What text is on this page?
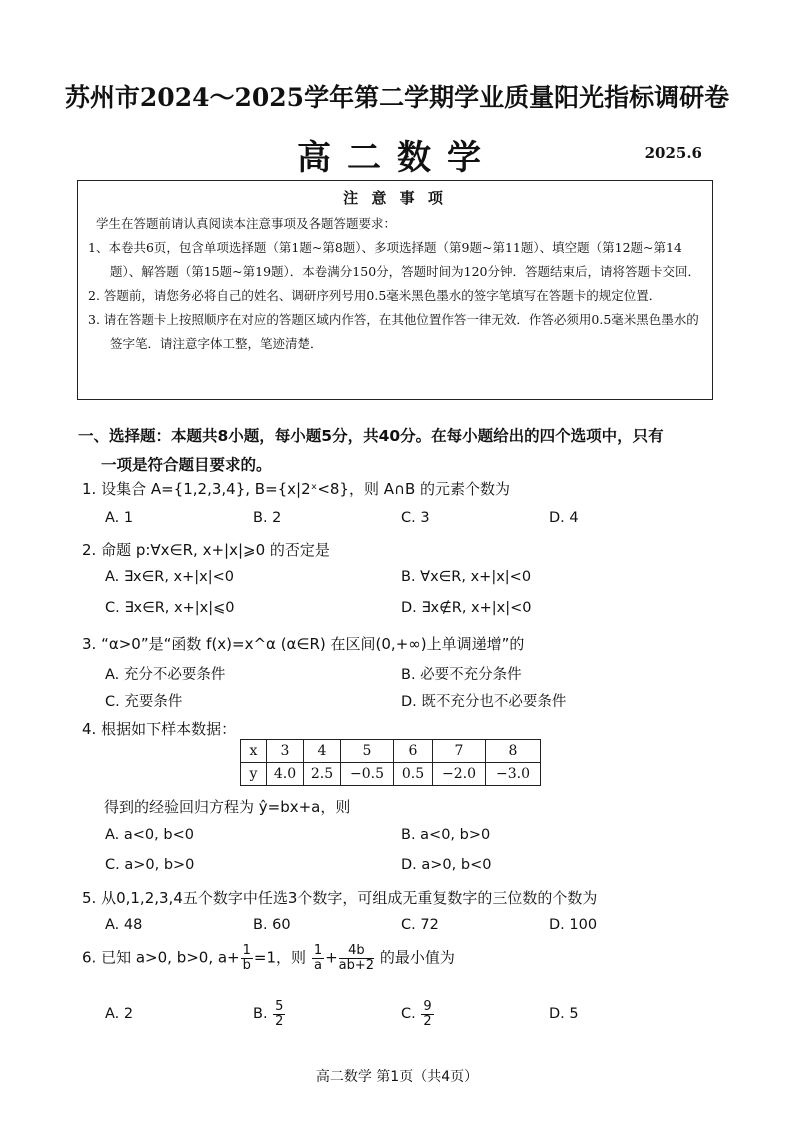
苏州市2024～2025学年第二学期学业质量阳光指标调研卷
高二数学	2025.6
注 意 事 项

学生在答题前请认真阅读本注意事项及各题答题要求：

1、本卷共6页，包含单项选择题（第1题~第8题）、多项选择题（第9题~第11题）、填空题（第12题~第14题）、解答题（第15题~第19题）．本卷满分150分，答题时间为120分钟．答题结束后，请将答题卡交回．

2. 答题前，请您务必将自己的姓名、调研序列号用0.5毫米黑色墨水的签字笔填写在答题卡的规定位置．

3. 请在答题卡上按照顺序在对应的答题区域内作答，在其他位置作答一律无效．作答必须用0.5毫米黑色墨水的签字笔．请注意字体工整，笔迹清楚．

一、选择题：本题共8小题，每小题5分，共40分。在每小题给出的四个选项中，只有
一项是符合题目要求的。
1. 设集合 A={1,2,3,4}, B={x|2ˣ<8}，则 A∩B 的元素个数为
A. 1	B. 2	C. 3	D. 4
2. 命题 p:∀x∈R, x+|x|⩾0 的否定是
A. ∃x∈R, x+|x|<0	B. ∀x∈R, x+|x|<0
C. ∃x∈R, x+|x|⩽0	D. ∃x∉R, x+|x|<0
3. “α>0”是“函数 f(x)=x^α (α∈R) 在区间(0,+∞)上单调递增”的
A. 充分不必要条件	B. 必要不充分条件
C. 充要条件	D. 既不充分也不必要条件
4. 根据如下样本数据：
x	3	4	5	6	7	8
y	4.0	2.5	−0.5	0.5	−2.0	−3.0
得到的经验回归方程为 ŷ=bx+a，则
A. a<0, b<0	B. a<0, b>0
C. a>0, b>0	D. a>0, b<0
5. 从0,1,2,3,4五个数字中任选3个数字，可组成无重复数字的三位数的个数为
A. 48	B. 60	C. 72	D. 100
6. 已知 a>0, b>0, $a+ \frac{1}{b} =1$，则 $\frac{1}{a} + \frac{4b}{ab+2}$ 的最小值为
A. 2	B. $\frac{5}{2}$	C. $\frac{9}{2}$	D. 5
高二数学 第1页（共4页）
